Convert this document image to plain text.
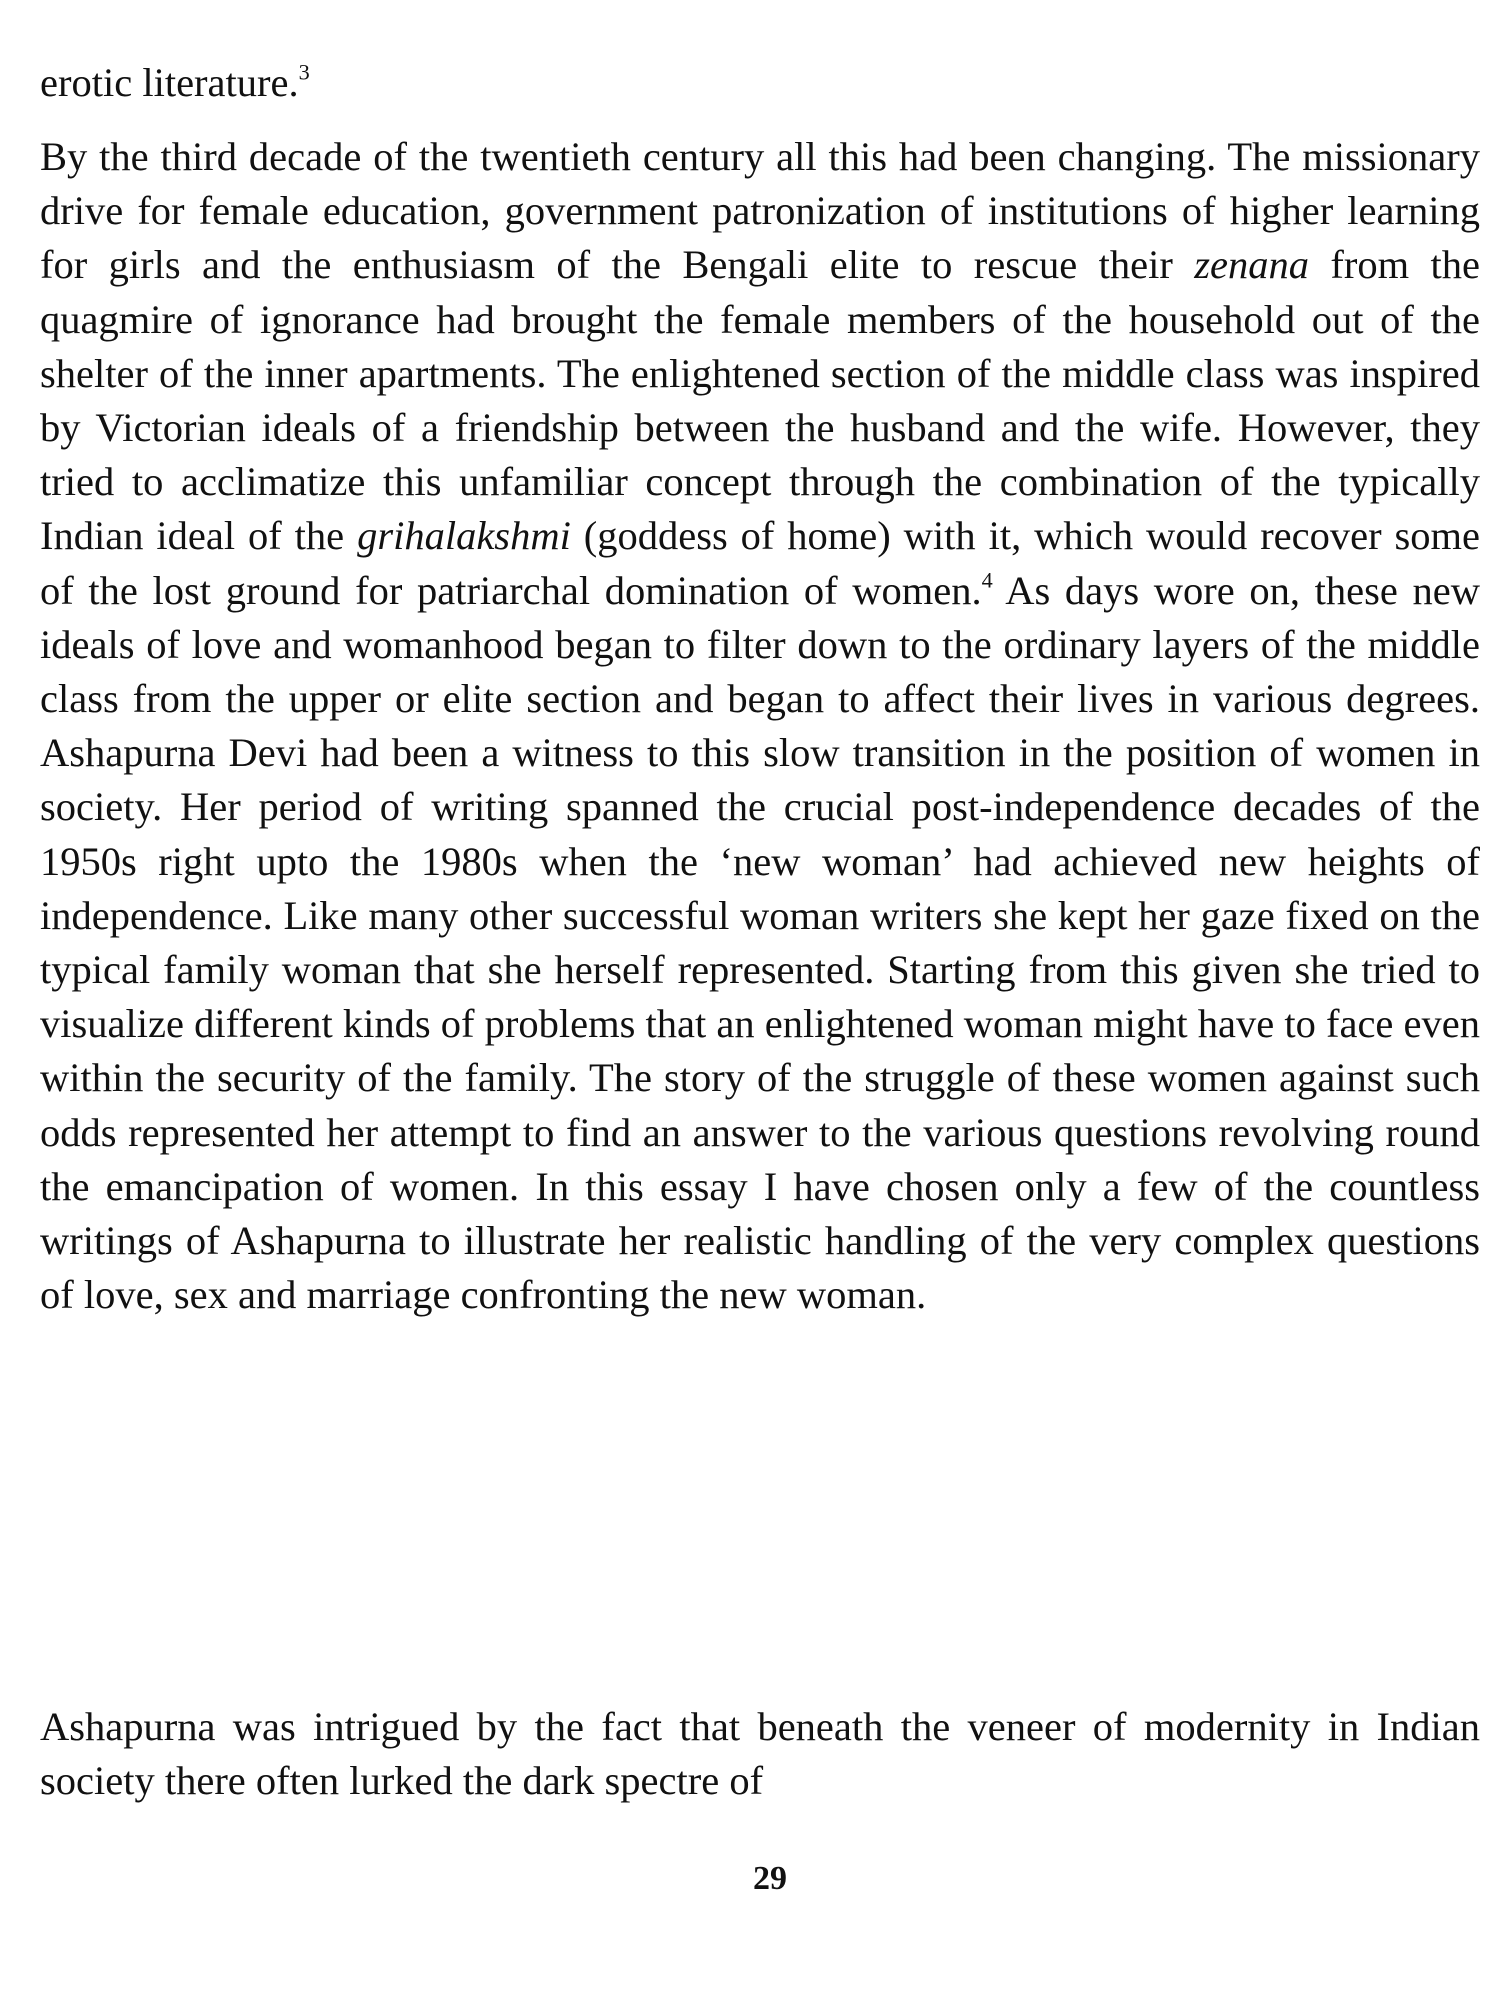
erotic literature.$^3$

By the third decade of the twentieth century all this had been changing. The missionary drive for female education, government patronization of institutions of higher learning for girls and the enthusiasm of the Bengali elite to rescue their zenana from the quagmire of ignorance had brought the female members of the household out of the shelter of the inner apartments. The enlightened section of the middle class was inspired by Victorian ideals of a friendship between the husband and the wife. However, they tried to acclimatize this unfamiliar concept through the combination of the typically Indian ideal of the grihalakshmi (goddess of home) with it, which would recover some of the lost ground for patriarchal domination of women.$^4$ As days wore on, these new ideals of love and womanhood began to filter down to the ordinary layers of the middle class from the upper or elite section and began to affect their lives in various degrees. Ashapurna Devi had been a witness to this slow transition in the position of women in society. Her period of writing spanned the crucial post-independence decades of the 1950s right upto the 1980s when the ‘new woman’ had achieved new heights of independence. Like many other successful woman writers she kept her gaze fixed on the typical family woman that she herself represented. Starting from this given she tried to visualize different kinds of problems that an enlightened woman might have to face even within the security of the family. The story of the struggle of these women against such odds represented her attempt to find an answer to the various questions revolving round the emancipation of women. In this essay I have chosen only a few of the countless writings of Ashapurna to illustrate her realistic handling of the very complex questions of love, sex and marriage confronting the new woman.

Ashapurna was intrigued by the fact that beneath the veneer of modernity in Indian society there often lurked the dark spectre of

29
